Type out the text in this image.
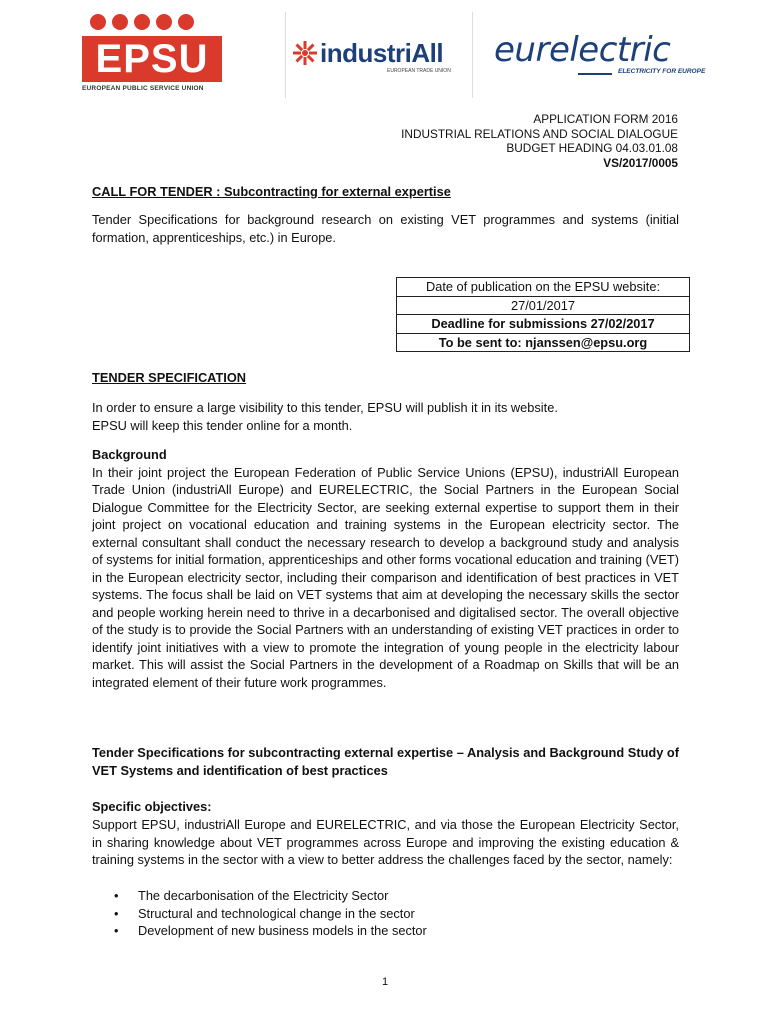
EPSU
EUROPEAN PUBLIC SERVICE UNION
industriAll
EUROPEAN TRADE UNION
eurelectric
ELECTRICITY FOR EUROPE
APPLICATION FORM 2016
INDUSTRIAL RELATIONS AND SOCIAL DIALOGUE
BUDGET HEADING 04.03.01.08
VS/2017/0005
CALL FOR TENDER : Subcontracting for external expertise
Tender Specifications for background research on existing VET programmes and systems (initial formation, apprenticeships, etc.) in Europe.
Date of publication on the EPSU website:
27/01/2017
Deadline for submissions 27/02/2017
To be sent to: njanssen@epsu.org
TENDER SPECIFICATION
In order to ensure a large visibility to this tender, EPSU will publish it in its website.
EPSU will keep this tender online for a month.
Background
In their joint project the European Federation of Public Service Unions (EPSU), industriAll European Trade Union (industriAll Europe) and EURELECTRIC, the Social Partners in the European Social Dialogue Committee for the Electricity Sector, are seeking external expertise to support them in their joint project on vocational education and training systems in the European electricity sector. The external consultant shall conduct the necessary research to develop a background study and analysis of systems for initial formation, apprenticeships and other forms vocational education and training (VET) in the European electricity sector, including their comparison and identification of best practices in VET systems. The focus shall be laid on VET systems that aim at developing the necessary skills the sector and people working herein need to thrive in a decarbonised and digitalised sector. The overall objective of the study is to provide the Social Partners with an understanding of existing VET practices in order to identify joint initiatives with a view to promote the integration of young people in the electricity labour market. This will assist the Social Partners in the development of a Roadmap on Skills that will be an integrated element of their future work programmes.
Tender Specifications for subcontracting external expertise – Analysis and Background Study of VET Systems and identification of best practices
Specific objectives:
Support EPSU, industriAll Europe and EURELECTRIC, and via those the European Electricity Sector, in sharing knowledge about VET programmes across Europe and improving the existing education & training systems in the sector with a view to better address the challenges faced by the sector, namely:
• The decarbonisation of the Electricity Sector
• Structural and technological change in the sector
• Development of new business models in the sector
1
